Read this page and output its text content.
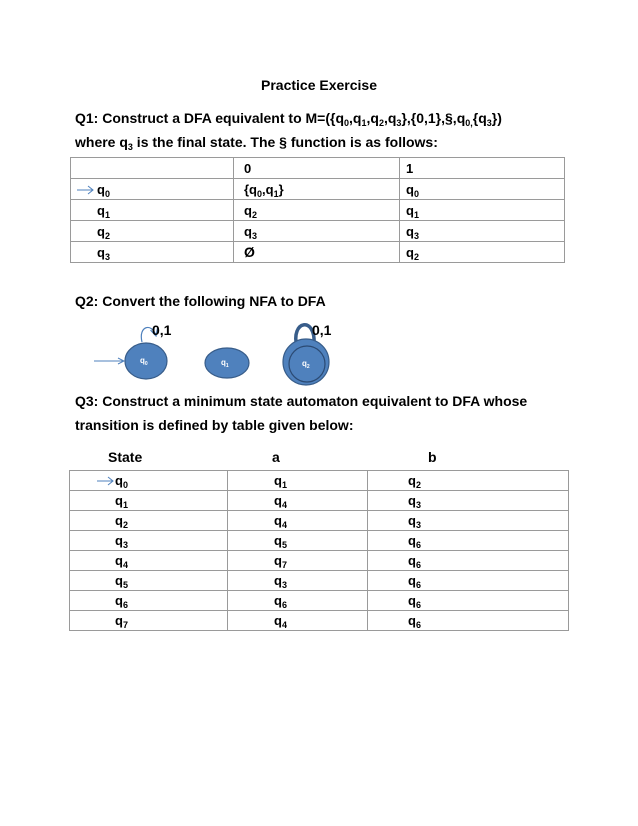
Practice Exercise
Q1: Construct a DFA equivalent to $M=(\{q_0,q_1,q_2,q_3\},\{0,1\},\S,q_{0,}\{q_3\})$
where $q_3$ is the final state. The § function is as follows:
	0	1

$q_0$	$\{q_0,q_1\}$	$q_0$
$q_1$	$q_2$	$q_1$
$q_2$	$q_3$	$q_3$
$q_3$	Ø	$q_2$
Q2: Convert the following NFA to DFA
0,1
$q_0$	$q_1$
0,1
$q_2$
Q3: Construct a minimum state automaton equivalent to DFA whose
transition is defined by table given below:
State	a	b
$q_0$	$q_1$	$q_2$
$q_1$	$q_4$	$q_3$
$q_2$	$q_4$	$q_3$
$q_3$	$q_5$	$q_6$
$q_4$	$q_7$	$q_6$
$q_5$	$q_3$	$q_6$
$q_6$	$q_6$	$q_6$
$q_7$	$q_4$	$q_6$
